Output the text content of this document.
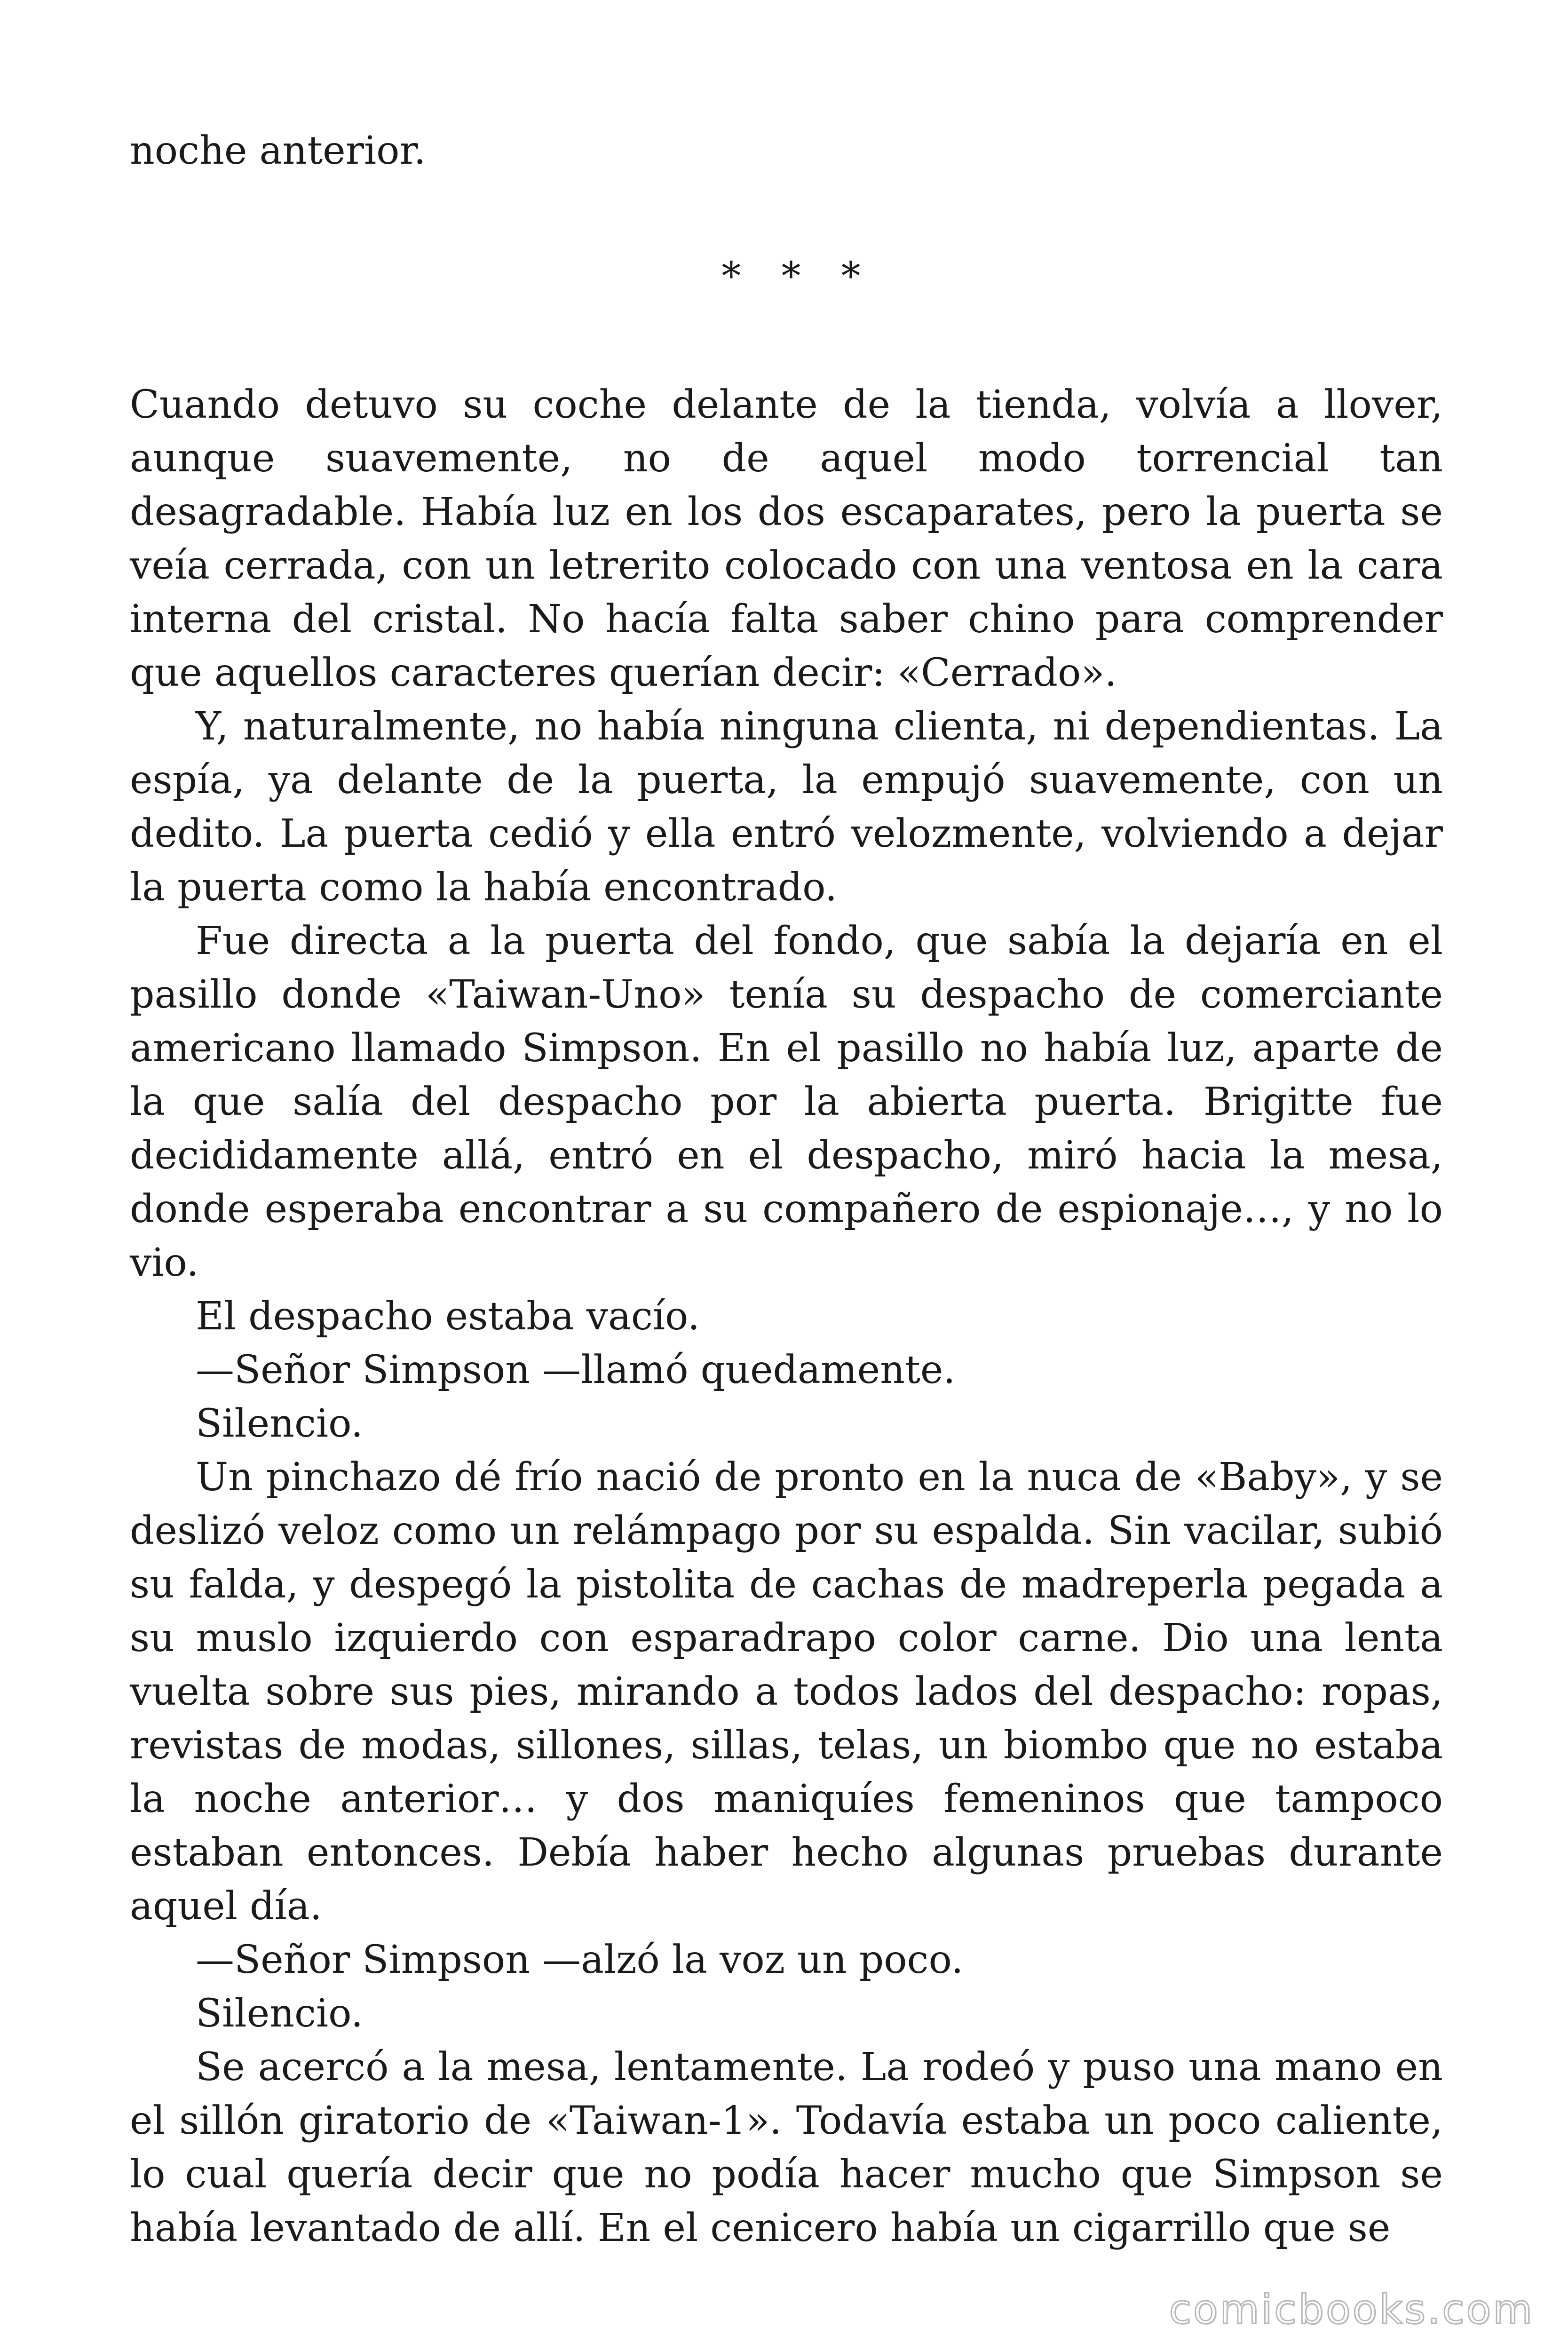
noche anterior.

* * *

Cuando detuvo su coche delante de la tienda, volvía a llover, aunque suavemente, no de aquel modo torrencial tan desagradable. Había luz en los dos escaparates, pero la puerta se veía cerrada, con un letrerito colocado con una ventosa en la cara interna del cristal. No hacía falta saber chino para comprender que aquellos caracteres querían decir: «Cerrado».

Y, naturalmente, no había ninguna clienta, ni dependientas. La espía, ya delante de la puerta, la empujó suavemente, con un dedito. La puerta cedió y ella entró velozmente, volviendo a dejar la puerta como la había encontrado.

Fue directa a la puerta del fondo, que sabía la dejaría en el pasillo donde «Taiwan-Uno» tenía su despacho de comerciante americano llamado Simpson. En el pasillo no había luz, aparte de la que salía del despacho por la abierta puerta. Brigitte fue decididamente allá, entró en el despacho, miró hacia la mesa, donde esperaba encontrar a su compañero de espionaje…, y no lo vio.

El despacho estaba vacío.

—Señor Simpson —llamó quedamente.

Silencio.

Un pinchazo dé frío nació de pronto en la nuca de «Baby», y se deslizó veloz como un relámpago por su espalda. Sin vacilar, subió su falda, y despegó la pistolita de cachas de madreperla pegada a su muslo izquierdo con esparadrapo color carne. Dio una lenta vuelta sobre sus pies, mirando a todos lados del despacho: ropas, revistas de modas, sillones, sillas, telas, un biombo que no estaba la noche anterior… y dos maniquíes femeninos que tampoco estaban entonces. Debía haber hecho algunas pruebas durante aquel día.

—Señor Simpson —alzó la voz un poco.

Silencio.

Se acercó a la mesa, lentamente. La rodeó y puso una mano en el sillón giratorio de «Taiwan-1». Todavía estaba un poco caliente, lo cual quería decir que no podía hacer mucho que Simpson se había levantado de allí. En el cenicero había un cigarrillo que se

comicbooks.com
